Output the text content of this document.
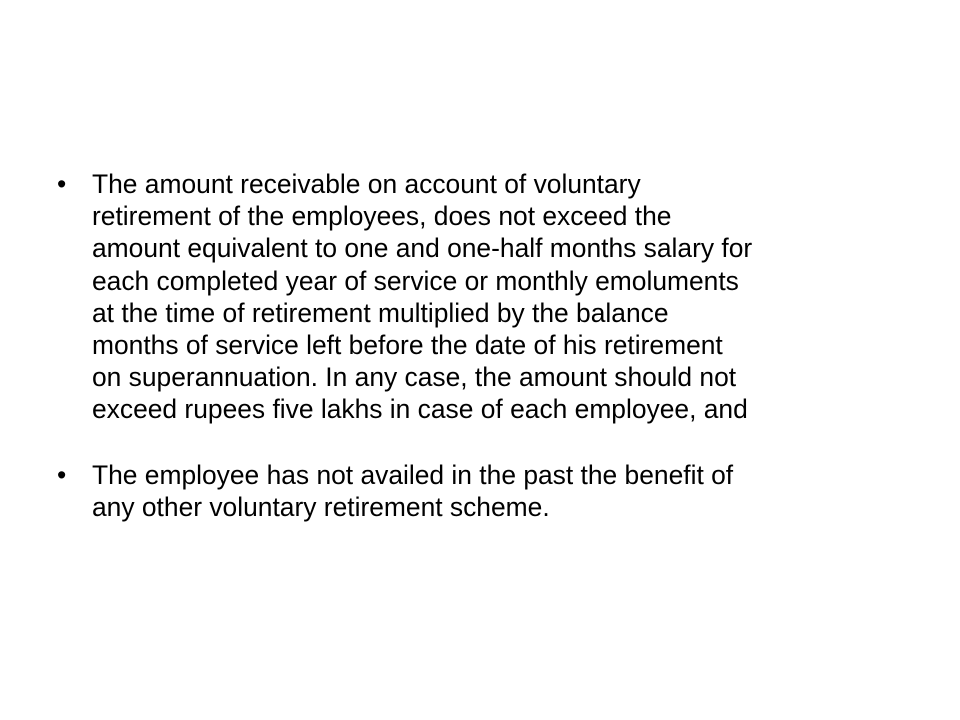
• The amount receivable on account of voluntary
retirement of the employees, does not exceed the
amount equivalent to one and one-half months salary for
each completed year of service or monthly emoluments
at the time of retirement multiplied by the balance
months of service left before the date of his retirement
on superannuation. In any case, the amount should not
exceed rupees five lakhs in case of each employee, and
• The employee has not availed in the past the benefit of
any other voluntary retirement scheme.
